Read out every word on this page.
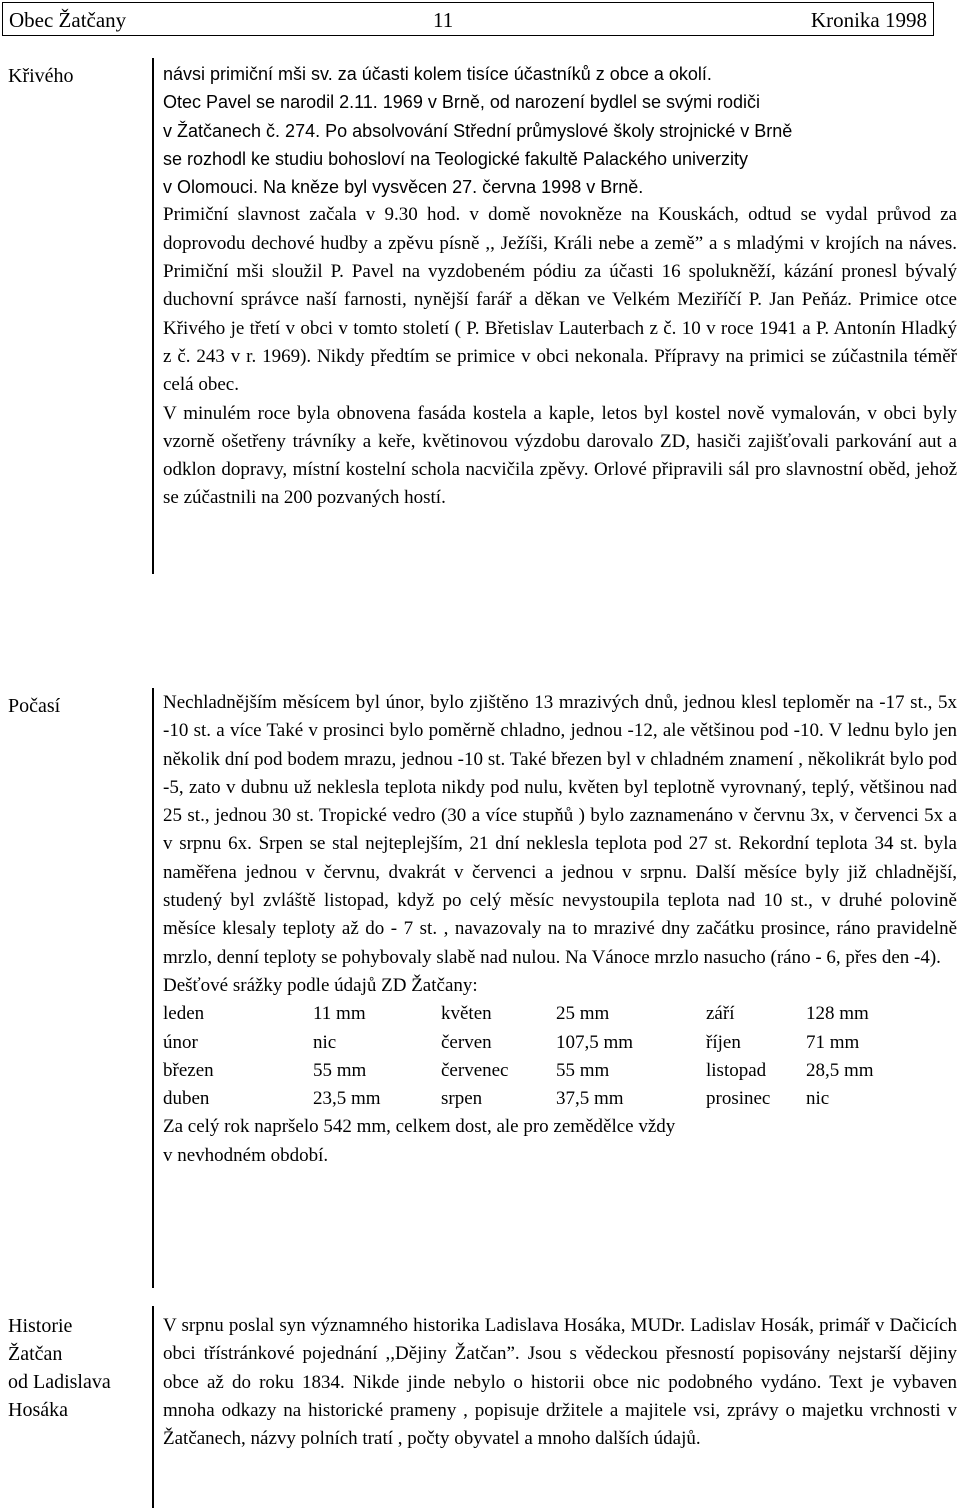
Obec Žatčany	11	Kronika 1998
Křivého	návsi primiční mši sv. za účasti kolem tisíce účastníků z obce a okolí.
Otec Pavel se narodil 2.11. 1969 v Brně, od narození bydlel se svými rodiči
v Žatčanech č. 274. Po absolvování Střední průmyslové školy strojnické v Brně
se rozhodl ke studiu bohosloví na Teologické fakultě Palackého univerzity
v Olomouci. Na kněze byl vysvěcen 27. června 1998 v Brně.

Primiční slavnost začala v 9.30 hod. v domě novokněze na Kouskách, odtud se vydal průvod za doprovodu dechové hudby a zpěvu písně ,, Ježíši, Králi nebe a země” a s mladými v krojích na náves. Primiční mši sloužil P. Pavel na vyzdobeném pódiu za účasti 16 spolukněží, kázání pronesl bývalý duchovní správce naší farnosti, nynější farář a děkan ve Velkém Meziříčí P. Jan Peňáz. Primice otce Křivého je třetí v obci v tomto století ( P. Břetislav Lauterbach z č. 10 v roce 1941 a P. Antonín Hladký z č. 243 v r. 1969). Nikdy předtím se primice v obci nekonala. Přípravy na primici se zúčastnila téměř celá obec.

V minulém roce byla obnovena fasáda kostela a kaple, letos byl kostel nově vymalován, v obci byly vzorně ošetřeny trávníky a keře, květinovou výzdobu darovalo ZD, hasiči zajišťovali parkování aut a odklon dopravy, místní kostelní schola nacvičila zpěvy. Orlové připravili sál pro slavnostní oběd, jehož se zúčastnili na 200 pozvaných hostí.

Počasí	Nechladnějším měsícem byl únor, bylo zjištěno 13 mrazivých dnů, jednou klesl teploměr na -17 st., 5x -10 st. a více Také v prosinci bylo poměrně chladno, jednou -12, ale většinou pod -10. V lednu bylo jen několik dní pod bodem mrazu, jednou -10 st. Také březen byl v chladném znamení , několikrát bylo pod -5, zato v dubnu už neklesla teplota nikdy pod nulu, květen byl teplotně vyrovnaný, teplý, většinou nad 25 st., jednou 30 st. Tropické vedro (30 a více stupňů ) bylo zaznamenáno v červnu 3x, v červenci 5x a v srpnu 6x. Srpen se stal nejteplejším, 21 dní neklesla teplota pod 27 st. Rekordní teplota 34 st. byla naměřena jednou v červnu, dvakrát v červenci a jednou v srpnu. Další měsíce byly již chladnější, studený byl zvláště listopad, když po celý měsíc nevystoupila teplota nad 10 st., v druhé polovině měsíce klesaly teploty až do - 7 st. , navazovaly na to mrazivé dny začátku prosince, ráno pravidelně mrzlo, denní teploty se pohybovaly slabě nad nulou. Na Vánoce mrzlo nasucho (ráno - 6, přes den -4).

Dešťové srážky podle údajů ZD Žatčany:

leden	11 mm	květen	25 mm	září	128 mm
únor	nic	červen	107,5 mm	říjen	71 mm
březen	55 mm	červenec	55 mm	listopad	28,5 mm
duben	23,5 mm	srpen	37,5 mm	prosinec	nic

Za celý rok napršelo 542 mm, celkem dost, ale pro zemědělce vždy

v nevhodném období.

Historie
Žatčan
od Ladislava
Hosáka

V srpnu poslal syn významného historika Ladislava Hosáka, MUDr. Ladislav Hosák, primář v Dačicích obci třístránkové pojednání ,,Dějiny Žatčan”. Jsou s vědeckou přesností popisovány nejstarší dějiny obce až do roku 1834. Nikde jinde nebylo o historii obce nic podobného vydáno. Text je vybaven mnoha odkazy na historické prameny , popisuje držitele a majitele vsi, zprávy o majetku vrchnosti v Žatčanech, názvy polních tratí , počty obyvatel a mnoho dalších údajů.
